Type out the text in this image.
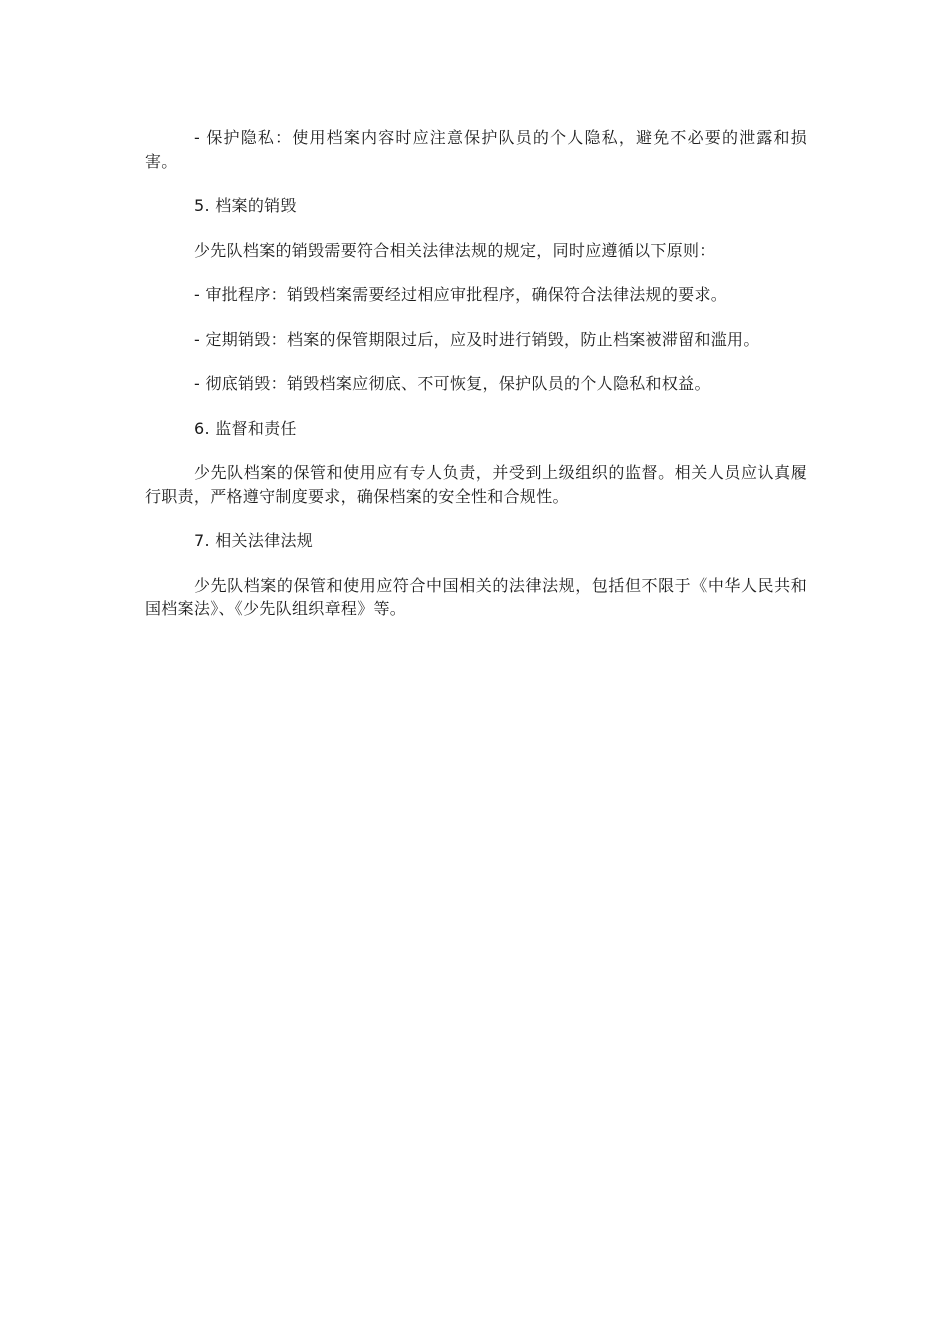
- 保护隐私：使用档案内容时应注意保护队员的个人隐私，避免不必要的泄露和损害。

5. 档案的销毁

少先队档案的销毁需要符合相关法律法规的规定，同时应遵循以下原则：

- 审批程序：销毁档案需要经过相应审批程序，确保符合法律法规的要求。

- 定期销毁：档案的保管期限过后，应及时进行销毁，防止档案被滞留和滥用。

- 彻底销毁：销毁档案应彻底、不可恢复，保护队员的个人隐私和权益。

6. 监督和责任

少先队档案的保管和使用应有专人负责，并受到上级组织的监督。相关人员应认真履行职责，严格遵守制度要求，确保档案的安全性和合规性。

7. 相关法律法规

少先队档案的保管和使用应符合中国相关的法律法规，包括但不限于《中华人民共和国档案法》、《少先队组织章程》等。
